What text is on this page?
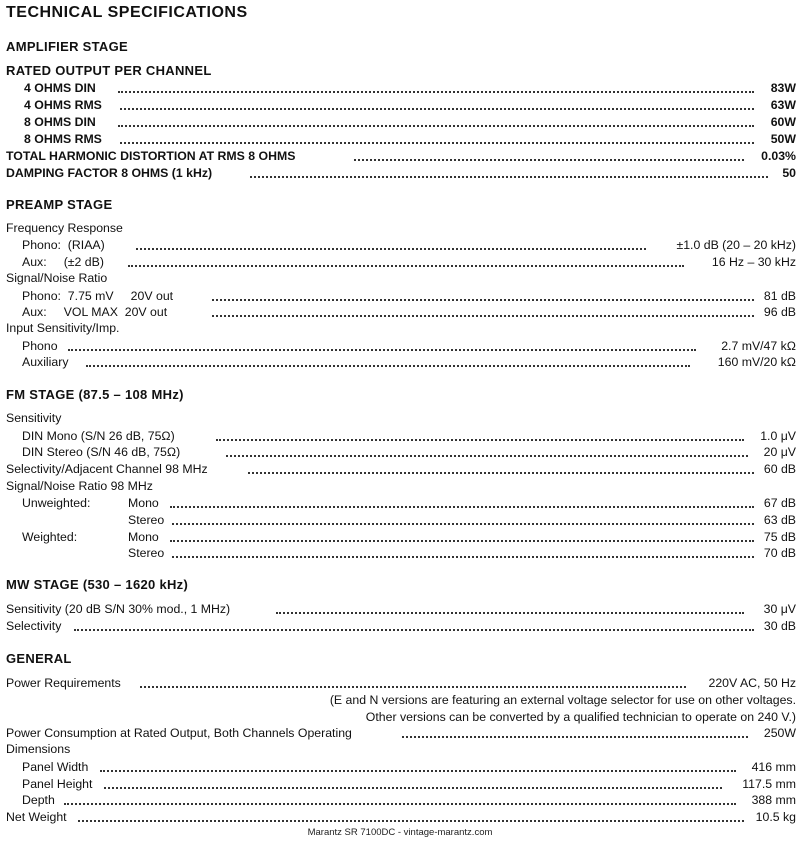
TECHNICAL SPECIFICATIONS
AMPLIFIER STAGE
RATED OUTPUT PER CHANNEL
4 OHMS DIN	83W
4 OHMS RMS	63W
8 OHMS DIN	60W
8 OHMS RMS	50W
TOTAL HARMONIC DISTORTION AT RMS 8 OHMS	0.03%
DAMPING FACTOR 8 OHMS (1 kHz)	50
PREAMP STAGE
Frequency Response
Phono:  (RIAA)	±1.0 dB (20 – 20 kHz)
Aux:     (±2 dB)	16 Hz – 30 kHz
Signal/Noise Ratio
Phono:  7.75 mV     20V out	81 dB
Aux:     VOL MAX  20V out	96 dB
Input Sensitivity/Imp.
Phono	2.7 mV/47 kΩ
Auxiliary	160 mV/20 kΩ
FM STAGE (87.5 – 108 MHz)
Sensitivity
DIN Mono (S/N 26 dB, 75Ω)	1.0 μV
DIN Stereo (S/N 46 dB, 75Ω)	20 μV
Selectivity/Adjacent Channel 98 MHz	60 dB
Signal/Noise Ratio 98 MHz
Unweighted:	Mono	67 dB
Stereo	63 dB
Weighted:	Mono	75 dB
Stereo	70 dB
MW STAGE (530 – 1620 kHz)
Sensitivity (20 dB S/N 30% mod., 1 MHz)	30 μV
Selectivity	30 dB
GENERAL
Power Requirements	220V AC, 50 Hz
(E and N versions are featuring an external voltage selector for use on other voltages.
Other versions can be converted by a qualified technician to operate on 240 V.)
Power Consumption at Rated Output, Both Channels Operating	250W
Dimensions
Panel Width	416 mm
Panel Height	117.5 mm
Depth	388 mm
Net Weight	10.5 kg
Marantz SR 7100DC - vintage-marantz.com
